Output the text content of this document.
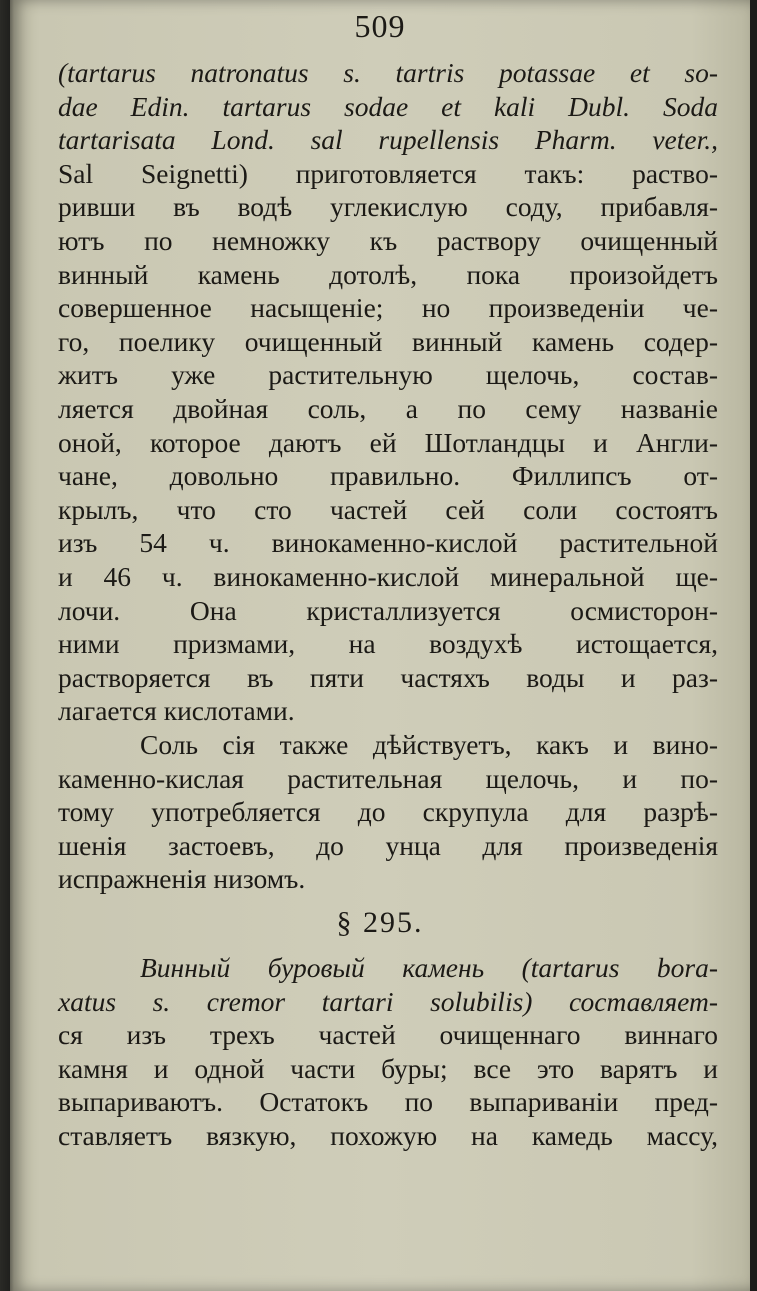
509
(tartarus natronatus s. tartris potassae et so-
dae Edin. tartarus sodae et kali Dubl. Soda
tartarisata Lond. sal rupellensis Pharm. veter.,
Sal Seignetti) приготовляется такъ: раство-
ривши въ водѣ углекислую соду, прибавля-
ютъ по немножку къ раствору очищенный
винный камень дотолѣ, пока произойдетъ
совершенное насыщеніе; но произведеніи че-
го, поелику очищенный винный камень содер-
житъ уже растительную щелочь, состав-
ляется двойная соль, а по сему названіе
оной, которое даютъ ей Шотландцы и Англи-
чане, довольно правильно. Филлипсъ от-
крылъ, что сто частей сей соли состоятъ
изъ 54 ч. винокаменно-кислой растительной
и 46 ч. винокаменно-кислой минеральной ще-
лочи. Она кристаллизуется осмисторон-
ними призмами, на воздухѣ истощается,
растворяется въ пяти частяхъ воды и раз-
лагается кислотами.
Соль сія также дѣйствуетъ, какъ и вино-
каменно-кислая растительная щелочь, и по-
тому употребляется до скрупула для разрѣ-
шенія застоевъ, до унца для произведенія
испражненія низомъ.
§ 295.
Винный буровый камень (tartarus bora-
xatus s. cremor tartari solubilis) составляет-
ся изъ трехъ частей очищеннаго виннаго
камня и одной части буры; все это варятъ и
выпариваютъ. Остатокъ по выпариваніи пред-
ставляетъ вязкую, похожую на камедь массу,
